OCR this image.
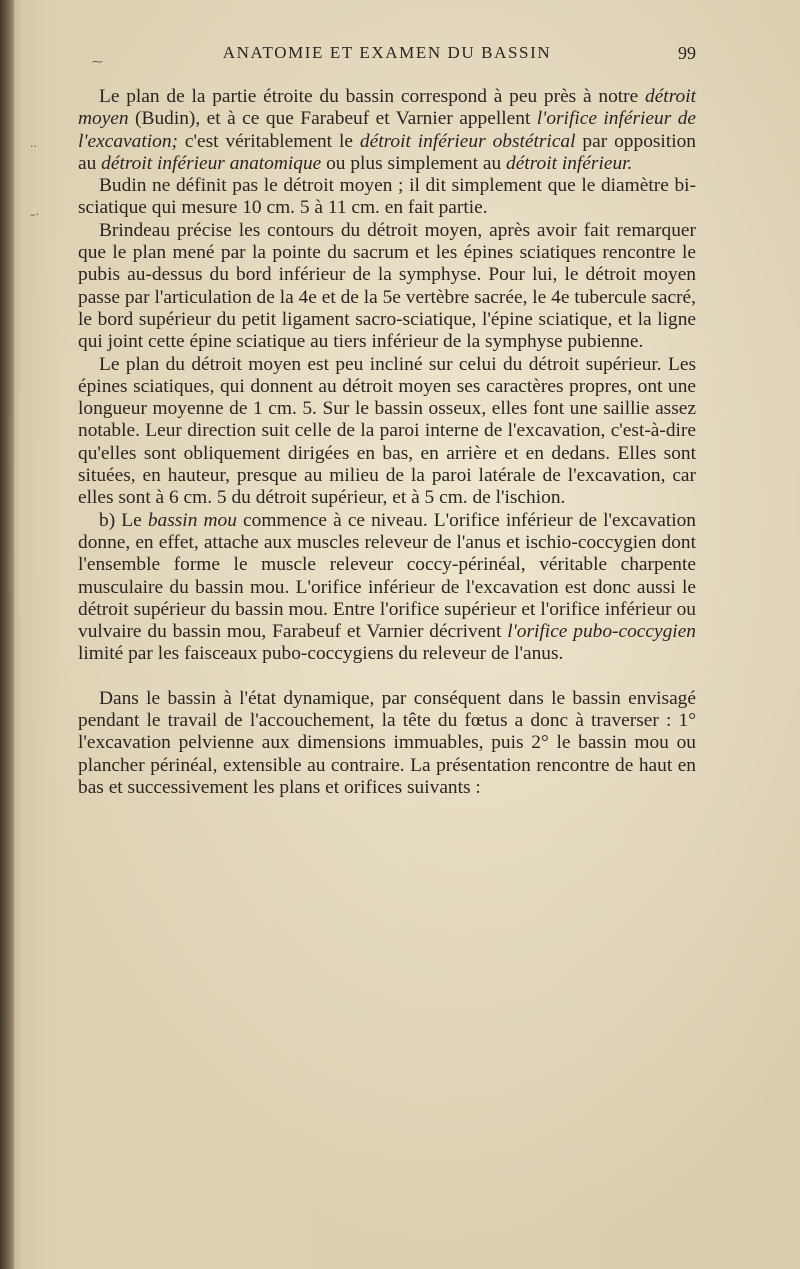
⁓
··
–·
ANATOMIE ET EXAMEN DU BASSIN	99

Le plan de la partie étroite du bassin correspond à peu près à notre détroit moyen (Budin), et à ce que Farabeuf et Varnier appellent l'orifice inférieur de l'excavation; c'est véritablement le détroit inférieur obstétrical par opposition au détroit inférieur anatomique ou plus simplement au détroit inférieur.

Budin ne définit pas le détroit moyen ; il dit simplement que le diamètre bi-sciatique qui mesure 10 cm. 5 à 11 cm. en fait partie.

Brindeau précise les contours du détroit moyen, après avoir fait remarquer que le plan mené par la pointe du sacrum et les épines sciatiques rencontre le pubis au-dessus du bord inférieur de la symphyse. Pour lui, le détroit moyen passe par l'articulation de la 4e et de la 5e vertèbre sacrée, le 4e tubercule sacré, le bord supérieur du petit ligament sacro-sciatique, l'épine sciatique, et la ligne qui joint cette épine sciatique au tiers inférieur de la symphyse pubienne.

Le plan du détroit moyen est peu incliné sur celui du détroit supérieur. Les épines sciatiques, qui donnent au détroit moyen ses caractères propres, ont une longueur moyenne de 1 cm. 5. Sur le bassin osseux, elles font une saillie assez notable. Leur direction suit celle de la paroi interne de l'excavation, c'est-à-dire qu'elles sont obliquement dirigées en bas, en arrière et en dedans. Elles sont situées, en hauteur, presque au milieu de la paroi latérale de l'excavation, car elles sont à 6 cm. 5 du détroit supérieur, et à 5 cm. de l'ischion.

b) Le bassin mou commence à ce niveau. L'orifice inférieur de l'excavation donne, en effet, attache aux muscles releveur de l'anus et ischio-coccygien dont l'ensemble forme le muscle releveur coccy-périnéal, véritable charpente musculaire du bassin mou. L'orifice inférieur de l'excavation est donc aussi le détroit supérieur du bassin mou. Entre l'orifice supérieur et l'orifice inférieur ou vulvaire du bassin mou, Farabeuf et Varnier décrivent l'orifice pubo-coccygien limité par les faisceaux pubo-coccygiens du releveur de l'anus.

Dans le bassin à l'état dynamique, par conséquent dans le bassin envisagé pendant le travail de l'accouchement, la tête du fœtus a donc à traverser : 1° l'excavation pelvienne aux dimensions immuables, puis 2° le bassin mou ou plancher périnéal, extensible au contraire. La présentation rencontre de haut en bas et successivement les plans et orifices suivants :
